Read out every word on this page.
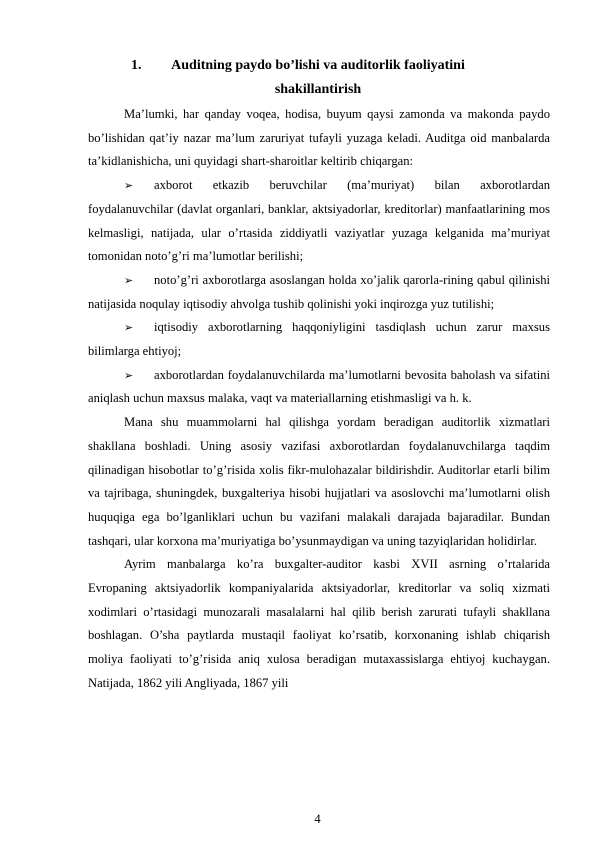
1.	Auditning paydo bo’lishi va auditorlik faoliyatini
shakillantirish

Ma’lumki, har qanday voqea, hodisa, buyum qaysi zamonda va makonda paydo bo’lishidan qat’iy nazar ma’lum zaruriyat tufayli yuzaga keladi. Auditga oid manbalarda ta’kidlanishicha, uni quyidagi shart-sharoitlar keltirib chiqargan:

➢ axborot etkazib beruvchilar (ma’muriyat) bilan axborotlardan foydalanuvchilar (davlat organlari, banklar, aktsiyadorlar, kreditorlar) manfaatlarining mos kelmasligi, natijada, ular o’rtasida ziddiyatli vaziyatlar yuzaga kelganida ma’muriyat tomonidan noto’g’ri ma’lumotlar berilishi;

➢ noto’g’ri axborotlarga asoslangan holda xo’jalik qarorla-rining qabul qilinishi natijasida noqulay iqtisodiy ahvolga tushib qolinishi yoki inqirozga yuz tutilishi;

➢ iqtisodiy axborotlarning haqqoniyligini tasdiqlash uchun zarur maxsus bilimlarga ehtiyoj;

➢ axborotlardan foydalanuvchilarda ma’lumotlarni bevosita baholash va sifatini aniqlash uchun maxsus malaka, vaqt va materiallarning etishmasligi va h. k.

Mana shu muammolarni hal qilishga yordam beradigan auditorlik xizmatlari shakllana boshladi. Uning asosiy vazifasi axborotlardan foydalanuvchilarga taqdim qilinadigan hisobotlar to’g’risida xolis fikr-mulohazalar bildirishdir. Auditorlar etarli bilim va tajribaga, shuningdek, buxgalteriya hisobi hujjatlari va asoslovchi ma’lumotlarni olish huquqiga ega bo’lganliklari uchun bu vazifani malakali darajada bajaradilar. Bundan tashqari, ular korxona ma’muriyatiga bo’ysunmaydigan va uning tazyiqlaridan holidirlar.

Ayrim manbalarga ko’ra buxgalter-auditor kasbi XVII asrning o’rtalarida Evropaning aktsiyadorlik kompaniyalarida aktsiyadorlar, kreditorlar va soliq xizmati xodimlari o’rtasidagi munozarali masalalarni hal qilib berish zarurati tufayli shakllana boshlagan. O’sha paytlarda mustaqil faoliyat ko’rsatib, korxonaning ishlab chiqarish moliya faoliyati to’g’risida aniq xulosa beradigan mutaxassislarga ehtiyoj kuchaygan. Natijada, 1862 yili Angliyada, 1867 yili

4
